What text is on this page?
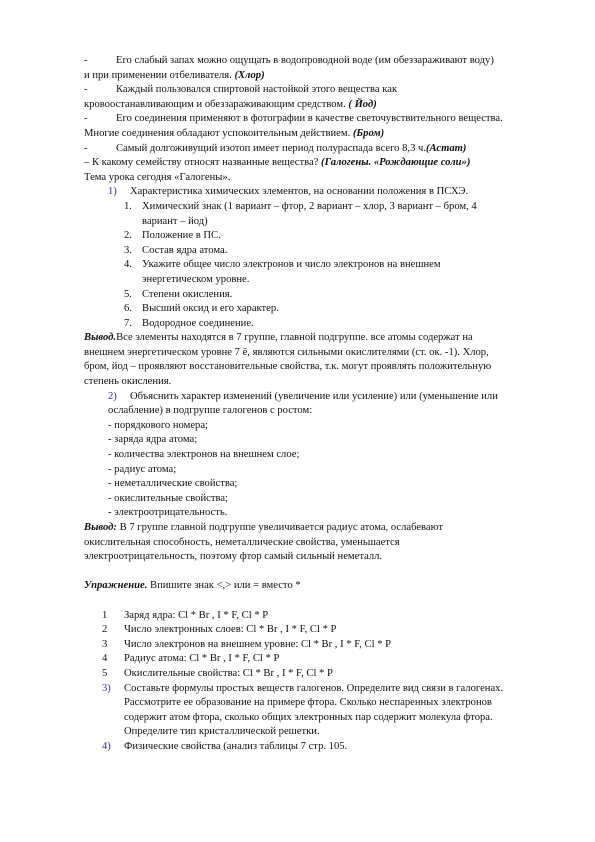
-	Его слабый запах можно ощущать в водопроводной воде (им обеззараживают воду)
и при применении отбеливателя. (Хлор)
-	Каждый пользовался спиртовой настойкой этого вещества как
кровоостанавливающим и обеззараживающим средством. ( Йод)
-	Его соединения применяют в фотографии в качестве светочувствительного вещества.
Многие соединения обладают успокоительным действием. (Бром)
-	Самый долгоживущий изотоп имеет период полураспада всего 8,3 ч. (Астат)
– К какому семейству относят названные вещества? (Галогены. «Рождающие соли»)
Тема урока сегодня «Галогены».
1) Характеристика химических элементов, на основании положения в ПСХЭ.
1. Химический знак (1 вариант – фтор, 2 вариант – хлор, 3 вариант – бром, 4
вариант – йод)
2. Положение в ПС.
3. Состав ядра атома.
4. Укажите общее число электронов и число электронов на внешнем
энергетическом уровне.
5. Степени окисления.
6. Высший оксид и его характер.
7. Водородное соединение.
Вывод.Все элементы находятся в 7 группе, главной подгруппе. все атомы содержат на
внешнем энергетическом уровне 7 ē, являются сильными окислителями (ст. ок. -1). Хлор,
бром, йод – проявляют восстановительные свойства, т.к. могут проявлять положительную
степень окисления.
2) Объяснить характер изменений (увеличение или усиление) или (уменьшение или
ослабление) в подгруппе галогенов с ростом:
- порядкового номера;
- заряда ядра атома;
- количества электронов на внешнем слое;
- радиус атома;
- неметаллические свойства;
- окислительные свойства;
- электроотрицательность.
Вывод: В 7 группе главной подгруппе увеличивается радиус атома, ослабевают
окислительная способность, неметаллические свойства, уменьшается
электроотрицательность, поэтому фтор самый сильный неметалл.
Упражнение. Впишите знак <,> или = вместо *
1	Заряд ядра: Cl * Br , I * F, Cl * P
2	Число электронных слоев: Cl * Br , I * F, Cl * P
3	Число электронов на внешнем уровне: Cl * Br , I * F, Cl * P
4	Радиус атома: Cl * Br , I * F, Cl * P
5	Окислительные свойства: Cl * Br , I * F, Cl * P
3)	Составьте формулы простых веществ галогенов. Определите вид связи в галогенах.
Рассмотрите ее образование на примере фтора. Сколько неспаренных электронов
содержит атом фтора, сколько общих электронных пар содержит молекула фтора.
Определите тип кристаллической решетки.
4)	Физические свойства (анализ таблицы 7 стр. 105.
